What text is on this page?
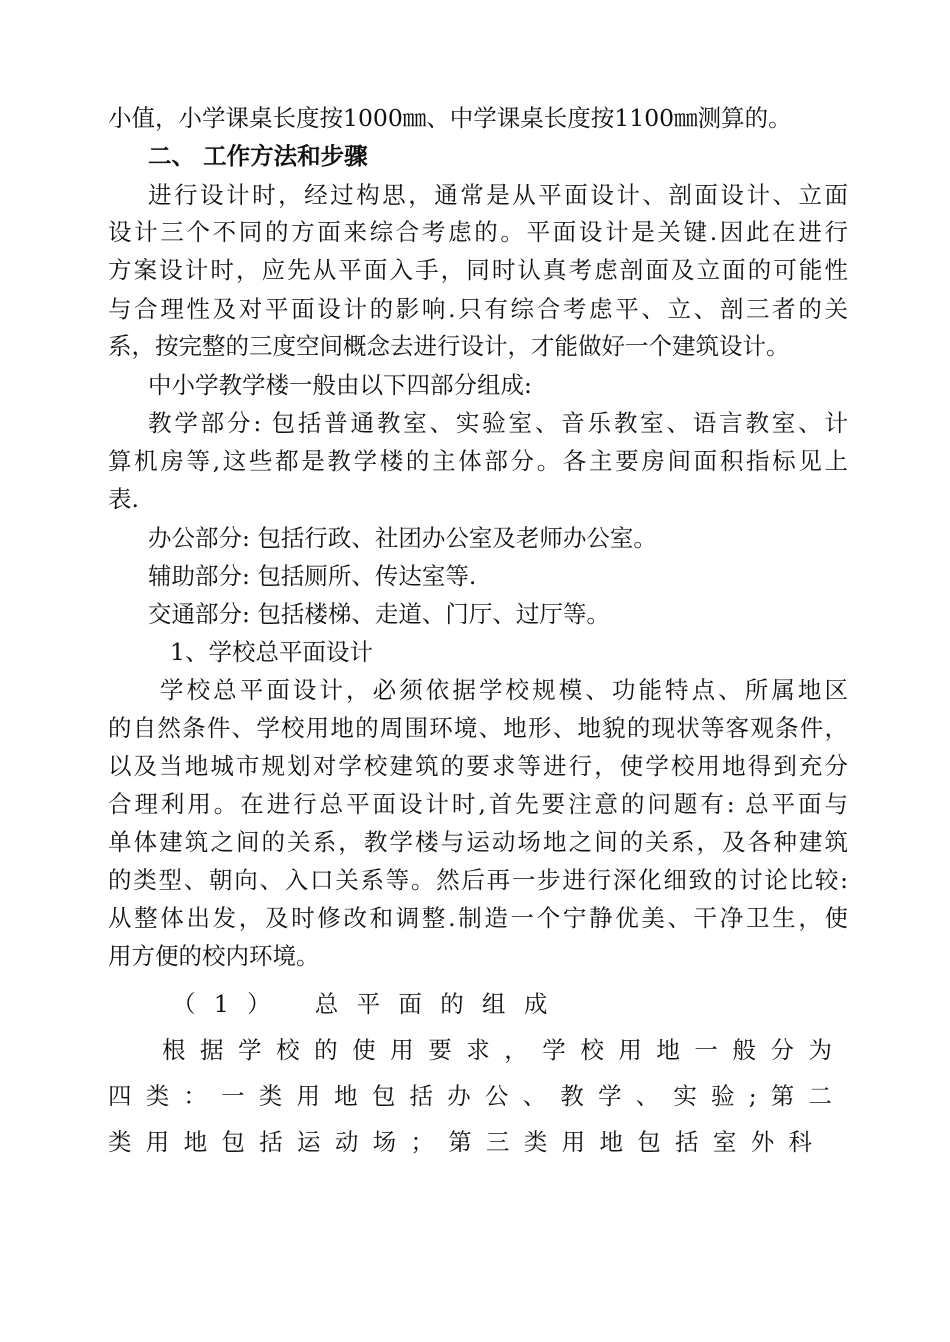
小值，小学课桌长度按1000㎜、中学课桌长度按1100㎜测算的。
二、 工作方法和步骤
进行设计时，经过构思，通常是从平面设计、剖面设计、立面
设计三个不同的方面来综合考虑的。平面设计是关键.因此在进行
方案设计时，应先从平面入手，同时认真考虑剖面及立面的可能性
与合理性及对平面设计的影响.只有综合考虑平、立、剖三者的关
系，按完整的三度空间概念去进行设计，才能做好一个建筑设计。
中小学教学楼一般由以下四部分组成:
教学部分: 包括普通教室、实验室、音乐教室、语言教室、计
算机房等,这些都是教学楼的主体部分。各主要房间面积指标见上
表.
办公部分: 包括行政、社团办公室及老师办公室。
辅助部分: 包括厕所、传达室等.
交通部分: 包括楼梯、走道、门厅、过厅等。
1、学校总平面设计
学校总平面设计，必须依据学校规模、功能特点、所属地区
的自然条件、学校用地的周围环境、地形、地貌的现状等客观条件，
以及当地城市规划对学校建筑的要求等进行，使学校用地得到充分
合理利用。在进行总平面设计时,首先要注意的问题有: 总平面与
单体建筑之间的关系，教学楼与运动场地之间的关系，及各种建筑
的类型、朝向、入口关系等。然后再一步进行深化细致的讨论比较:
从整体出发，及时修改和调整.制造一个宁静优美、干净卫生，使
用方便的校内环境。
（1） 总平面的组成
根据学校的使用要求，学校用地一般分为
四类：一类用地包括办公、教学、实验;第二
类用地包括运动场；第三类用地包括室外科
